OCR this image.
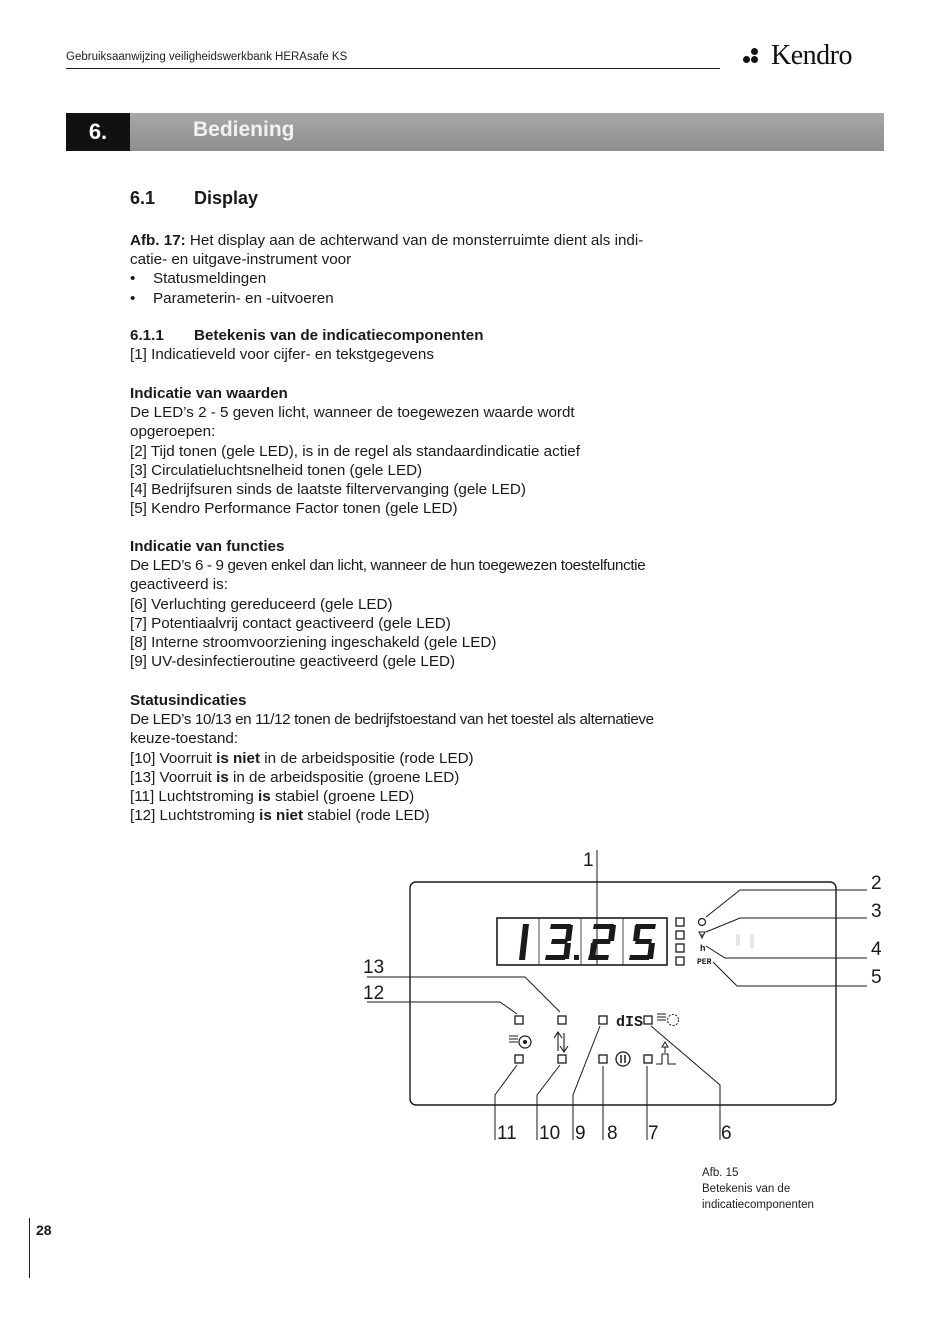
Gebruiksaanwijzing veiligheidswerkbank HERAsafe KS	Kendro
6.	Bediening
6.1 Display

Afb. 17: Het display aan de achterwand van de monsterruimte dient als indi-

catie- en uitgave-instrument voor

• Statusmeldingen

• Parameterin- en -uitvoeren

6.1.1 Betekenis van de indicatiecomponenten

[1] Indicatieveld voor cijfer- en tekstgegevens

Indicatie van waarden

De LED’s 2 - 5 geven licht, wanneer de toegewezen waarde wordt

opgeroepen:

[2] Tijd tonen (gele LED), is in de regel als standaardindicatie actief

[3] Circulatieluchtsnelheid tonen (gele LED)

[4] Bedrijfsuren sinds de laatste filtervervanging (gele LED)

[5] Kendro Performance Factor tonen (gele LED)

Indicatie van functies

De LED’s 6 - 9 geven enkel dan licht, wanneer de hun toegewezen toestelfunctie

geactiveerd is:

[6] Verluchting gereduceerd (gele LED)

[7] Potentiaalvrij contact geactiveerd (gele LED)

[8] Interne stroomvoorziening ingeschakeld (gele LED)

[9] UV-desinfectieroutine geactiveerd (gele LED)

Statusindicaties

De LED’s 10/13 en 11/12 tonen de bedrijfstoestand van het toestel als alternatieve

keuze-toestand:

[10] Voorruit is niet in de arbeidspositie (rode LED)

[13] Voorruit is in de arbeidspositie (groene LED)

[11] Luchtstroming is stabiel (groene LED)

[12] Luchtstroming is niet stabiel (rode LED)

h
PER
dIS
1
2
3
4
5
6
7
8
9
10
11
12
13
Afb. 15
Betekenis van de
indicatiecomponenten
28
